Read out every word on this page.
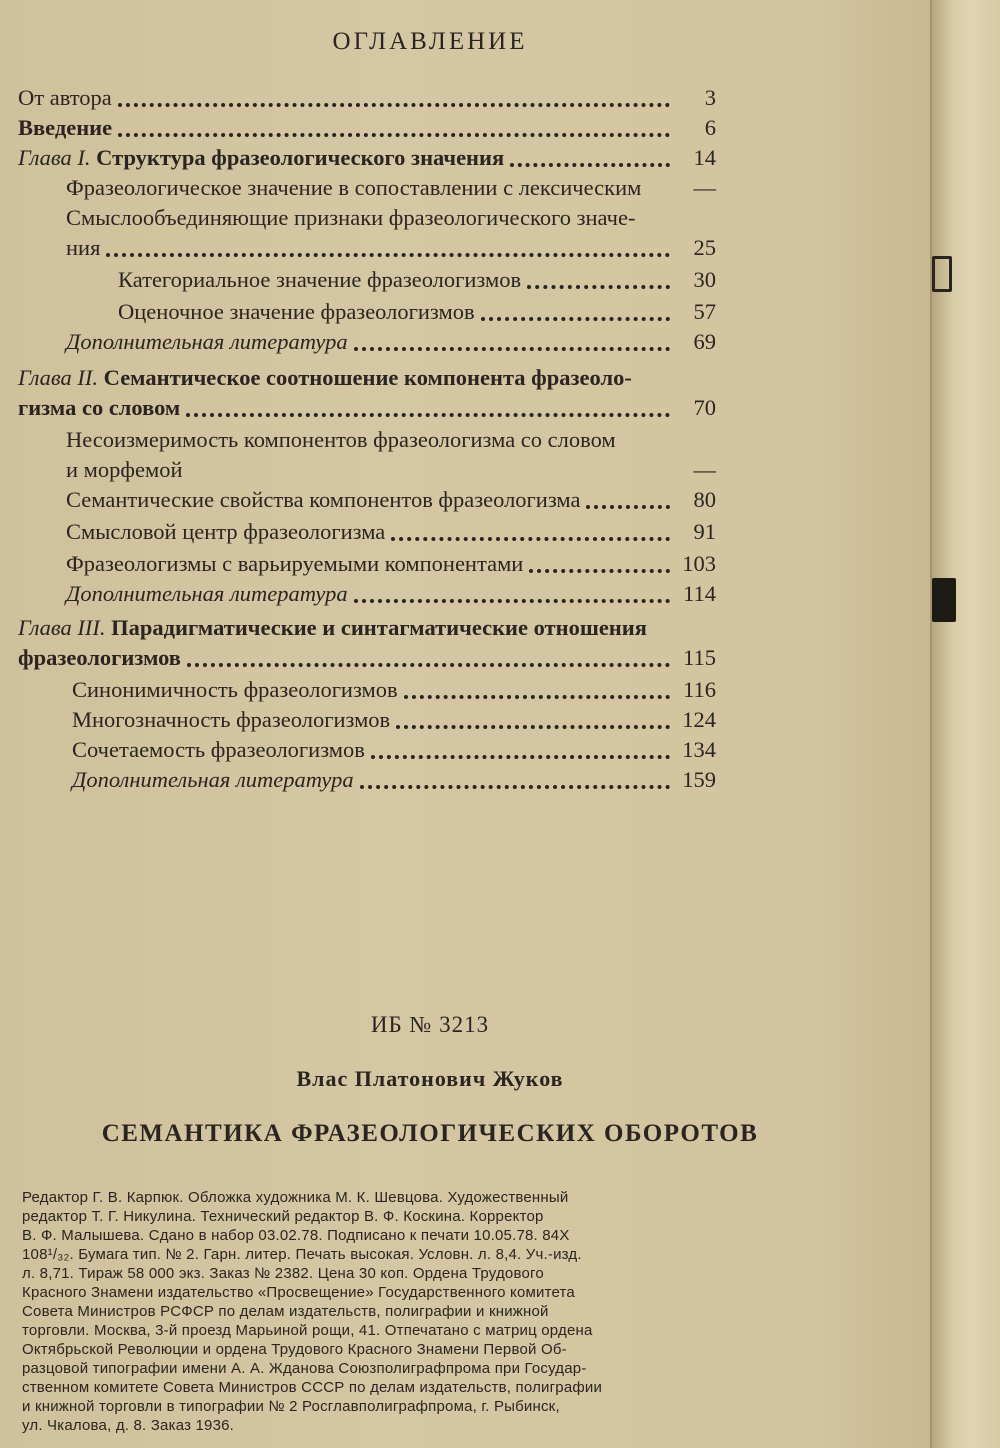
ОГЛАВЛЕНИЕ
От автора	3
Введение	6
Глава I. Структура фразеологического значения	14
Фразеологическое значение в сопоставлении с лексическим	—
Смыслообъединяющие признаки фразеологического значе-
ния	25
Категориальное значение фразеологизмов	30
Оценочное значение фразеологизмов	57
Дополнительная литература	69
Глава II. Семантическое соотношение компонента фразеоло-
гизма со словом	70
Несоизмеримость компонентов фразеологизма со словом
и морфемой	—
Семантические свойства компонентов фразеологизма	80
Смысловой центр фразеологизма	91
Фразеологизмы с варьируемыми компонентами	103
Дополнительная литература	114
Глава III. Парадигматические и синтагматические отношения
фразеологизмов	115
Синонимичность фразеологизмов	116
Многозначность фразеологизмов	124
Сочетаемость фразеологизмов	134
Дополнительная литература	159
ИБ № 3213
Влас Платонович Жуков
СЕМАНТИКА ФРАЗЕОЛОГИЧЕСКИХ ОБОРОТОВ
Редактор Г. В. Карпюк. Обложка художника М. К. Шевцова. Художественный
редактор Т. Г. Никулина. Технический редактор В. Ф. Коскина. Корректор
В. Ф. Малышева. Сдано в набор 03.02.78. Подписано к печати 10.05.78. 84Х
108¹/₃₂. Бумага тип. № 2. Гарн. литер. Печать высокая. Условн. л. 8,4. Уч.-изд.
л. 8,71. Тираж 58 000 экз. Заказ № 2382. Цена 30 коп. Ордена Трудового
Красного Знамени издательство «Просвещение» Государственного комитета
Совета Министров РСФСР по делам издательств, полиграфии и книжной
торговли. Москва, 3-й проезд Марьиной рощи, 41. Отпечатано с матриц ордена
Октябрьской Революции и ордена Трудового Красного Знамени Первой Об-
разцовой типографии имени А. А. Жданова Союзполиграфпрома при Государ-
ственном комитете Совета Министров СССР по делам издательств, полиграфии
и книжной торговли в типографии № 2 Росглавполиграфпрома, г. Рыбинск,
ул. Чкалова, д. 8. Заказ 1936.
